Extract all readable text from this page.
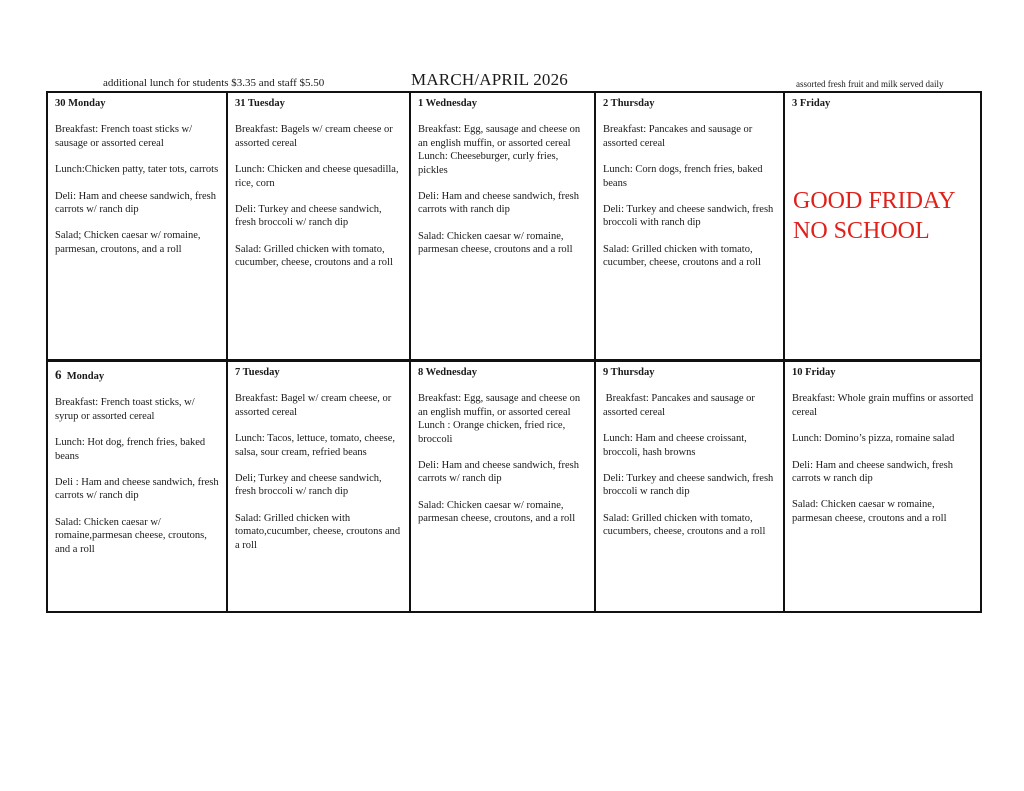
additional lunch for students $3.35 and staff $5.50	MARCH/APRIL 2026	assorted fresh fruit and milk served daily
30 Monday
Breakfast: French toast sticks w/ sausage or assorted cereal
Lunch:Chicken patty, tater tots, carrots
Deli: Ham and cheese sandwich, fresh carrots w/ ranch dip
Salad; Chicken caesar w/ romaine, parmesan, croutons, and a roll
31 Tuesday
Breakfast: Bagels w/ cream cheese or assorted cereal
Lunch: Chicken and cheese quesadilla, rice, corn
Deli: Turkey and cheese sandwich, fresh broccoli w/ ranch dip
Salad: Grilled chicken with tomato, cucumber, cheese, croutons and a roll
1 Wednesday
Breakfast: Egg, sausage and cheese on an english muffin, or assorted cereal
Lunch: Cheeseburger, curly fries, pickles
Deli: Ham and cheese sandwich, fresh carrots with ranch dip
Salad: Chicken caesar w/ romaine, parmesan cheese, croutons and a roll
2 Thursday
Breakfast: Pancakes and sausage or assorted cereal
Lunch: Corn dogs, french fries, baked beans
Deli: Turkey and cheese sandwich, fresh broccoli with ranch dip
Salad: Grilled chicken with tomato, cucumber, cheese, croutons and a roll
3 Friday
GOOD FRIDAY
NO SCHOOL
6  Monday
Breakfast: French toast sticks, w/ syrup or assorted cereal
Lunch: Hot dog, french fries, baked beans
Deli : Ham and cheese sandwich, fresh carrots w/ ranch dip
Salad: Chicken caesar w/ romaine,parmesan cheese, croutons, and a roll
7 Tuesday
Breakfast: Bagel w/ cream cheese, or assorted cereal
Lunch: Tacos, lettuce, tomato, cheese, salsa, sour cream, refried beans
Deli; Turkey and cheese sandwich, fresh broccoli w/ ranch dip
Salad: Grilled chicken with tomato,cucumber, cheese, croutons and a roll
8 Wednesday
Breakfast: Egg, sausage and cheese on an english muffin, or assorted cereal
Lunch : Orange chicken, fried rice, broccoli
Deli: Ham and cheese sandwich, fresh carrots w/ ranch dip
Salad: Chicken caesar w/ romaine, parmesan cheese, croutons, and a roll
9 Thursday
Breakfast: Pancakes and sausage or assorted cereal
Lunch: Ham and cheese croissant, broccoli, hash browns
Deli: Turkey and cheese sandwich, fresh broccoli w ranch dip
Salad: Grilled chicken with tomato, cucumbers, cheese, croutons and a roll
10 Friday
Breakfast: Whole grain muffins or assorted cereal
Lunch: Domino’s pizza, romaine salad
Deli: Ham and cheese sandwich, fresh carrots w ranch dip
Salad: Chicken caesar w romaine, parmesan cheese, croutons and a roll
